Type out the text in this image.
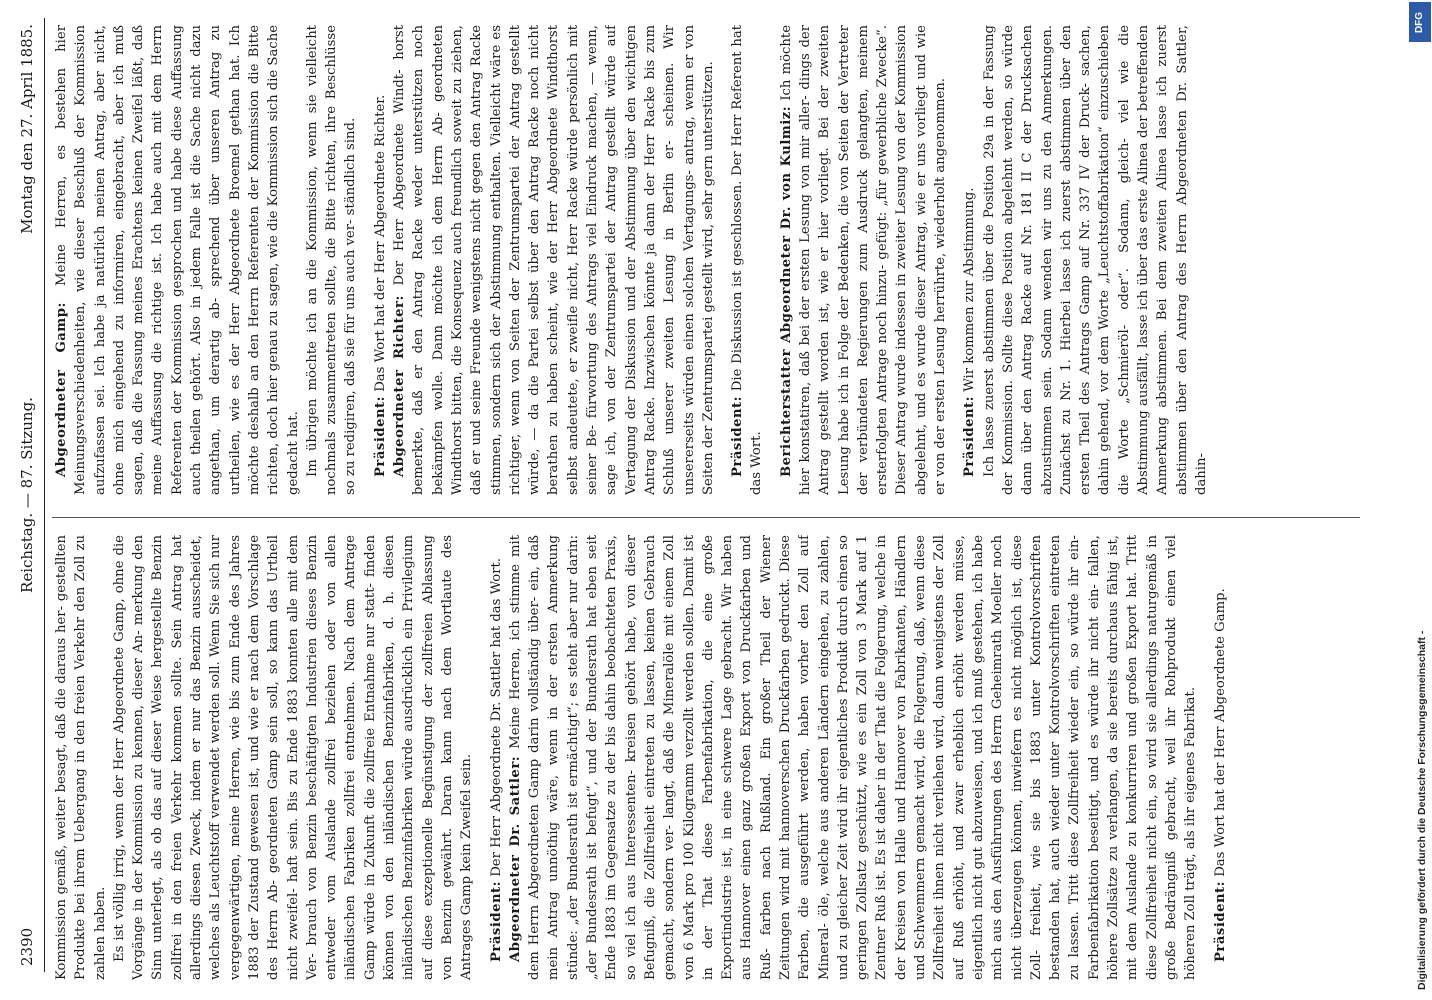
2390
Reichstag. — 87. Sitzung.
Montag den 27. April 1885.

Kommission gemäß, weiter besagt, daß die daraus her- gestellten Produkte bei ihrem Uebergang in den freien Verkehr den Zoll zu zahlen haben. Es ist völlig irrig, wenn der Herr Abgeordnete Gamp, ohne die Vorgänge in der Kommission zu kennen, dieser An- merkung den Sinn unterlegt, als ob das auf dieser Weise hergestellte Benzin zollfrei in den freien Verkehr kommen sollte. Sein Antrag hat allerdings diesen Zweck, indem er nur das Benzin ausscheidet, welches als Leuchtstoff verwendet werden soll. Wenn Sie sich nur vergegenwärtigen, meine Herren, wie bis zum Ende des Jahres 1883 der Zustand gewesen ist, und wie er nach dem Vorschlage des Herrn Ab- geordneten Gamp sein soll, so kann das Urtheil nicht zweifel- haft sein. Bis zu Ende 1883 konnten alle mit dem Ver- brauch von Benzin beschäftigten Industrien dieses Benzin entweder vom Auslande zollfrei beziehen oder von allen inländischen Fabriken zollfrei entnehmen. Nach dem Antrage Gamp würde in Zukunft die zollfreie Entnahme nur statt- finden können von den inländischen Benzinfabriken, d. h. diesen inländischen Benzinfabriken würde ausdrücklich ein Privilegium auf diese exzeptionelle Begünstigung der zollfreien Ablassung von Benzin gewährt. Daran kann nach dem Wortlaute des Antrages Gamp kein Zweifel sein. Präsident: Der Herr Abgeordnete Dr. Sattler hat das Wort. Abgeordneter Dr. Sattler: Meine Herren, ich stimme mit dem Herrn Abgeordneten Gamp darin vollständig über- ein, daß mein Antrag unnöthig wäre, wenn in der ersten Anmerkung stünde: „der Bundesrath ist ermächtigt“; es steht aber nur darin: „der Bundesrath ist befugt“, und der Bundesrath hat eben seit Ende 1883 im Gegensatze zu der bis dahin beobachteten Praxis, so viel ich aus Interessenten- kreisen gehört habe, von dieser Befugniß, die Zollfreiheit eintreten zu lassen, keinen Gebrauch gemacht, sondern ver- langt, daß die Mineralöle mit einem Zoll von 6 Mark pro 100 Kilogramm verzollt werden sollen. Damit ist in der That diese Farbenfabrikation, die eine große Exportindustrie ist, in eine schwere Lage gebracht. Wir haben aus Hannover einen ganz großen Export von Druckfarben und Ruß- farben nach Rußland. Ein großer Theil der Wiener Zeitungen wird mit hannoverschen Druckfarben gedruckt. Diese Farben, die ausgeführt werden, haben vorher den Zoll auf Mineral- öle, welche aus anderen Ländern eingehen, zu zahlen, und zu gleicher Zeit wird ihr eigentliches Produkt durch einen so geringen Zollsatz geschützt, wie es ein Zoll von 3 Mark auf 1 Zentner Ruß ist. Es ist daher in der That die Folgerung, welche in der Kreisen von Halle und Hannover von Fabrikanten, Händlern und Schwemmern gemacht wird, die Folgerung, daß, wenn diese Zollfreiheit ihnen nicht verliehen wird, dann wenigstens der Zoll auf Ruß erhöht, und zwar erheblich erhöht werden müsse, eigentlich nicht gut abzuweisen, und ich muß gestehen, ich habe mich aus den Ausführungen des Herrn Geheimrath Moeller noch nicht überzeugen können, inwiefern es nicht möglich ist, diese Zoll- freiheit, wie sie bis 1883 unter Kontrolvorschriften bestanden hat, auch wieder unter Kontrolvorschriften eintreten zu lassen. Tritt diese Zollfreiheit wieder ein, so würde ihr ein- Farbenfabrikation beseitigt, und es würde ihr nicht ein- fallen, höhere Zollsätze zu verlangen, da sie bereits durchaus fähig ist, mit dem Auslande zu konkurriren und großen Export hat. Tritt diese Zollfreiheit nicht ein, so wird sie allerdings naturgemäß in große Bedrängniß gebracht, weil ihr Rohprodukt einen viel höheren Zoll trägt, als ihr eigenes Fabrikat. Präsident: Das Wort hat der Herr Abgeordnete Gamp.

Abgeordneter Gamp: Meine Herren, es bestehen hier Meinungsverschiedenheiten, wie dieser Beschluß der Kommission aufzufassen sei. Ich habe ja natürlich meinen Antrag, aber nicht, ohne mich eingehend zu informiren, eingebracht, aber ich muß sagen, daß die Fassung meines Erachtens keinen Zweifel läßt, daß meine Auffassung die richtige ist. Ich habe auch mit dem Herrn Referenten der Kommission gesprochen und habe diese Auffassung auch theilen gehört. Also in jedem Falle ist die Sache nicht dazu angethan, um derartig ab- sprechend über unseren Antrag zu urtheilen, wie es der Herr Abgeordnete Broemel gethan hat. Ich möchte deshalb an den Herrn Referenten der Kommission die Bitte richten, doch hier genau zu sagen, wie die Kommission sich die Sache gedacht hat. Im übrigen möchte ich an die Kommission, wenn sie vielleicht nochmals zusammentreten sollte, die Bitte richten, ihre Beschlüsse so zu redigiren, daß sie für uns auch ver- ständlich sind. Präsident: Das Wort hat der Herr Abgeordnete Richter. Abgeordneter Richter: Der Herr Abgeordnete Windt- horst bemerkte, daß er den Antrag Racke weder unterstützen noch bekämpfen wolle. Dann möchte ich dem Herrn Ab- geordneten Windthorst bitten, die Konsequenz auch freundlich soweit zu ziehen, daß er und seine Freunde wenigstens nicht gegen den Antrag Racke stimmen, sondern sich der Abstimmung enthalten. Vielleicht wäre es richtiger, wenn von Seiten der Zentrumspartei der Antrag gestellt würde, — da die Partei selbst über den Antrag Racke noch nicht berathen zu haben scheint, wie der Herr Abgeordnete Windthorst selbst andeutete, er zweifle nicht, Herr Racke würde persönlich mit seiner Be- fürwortung des Antrags viel Eindruck machen, — wenn, sage ich, von der Zentrumspartei der Antrag gestellt würde auf Vertagung der Diskussion und der Abstimmung über den wichtigen Antrag Racke. Inzwischen könnte ja dann der Herr Racke bis zum Schluß unserer zweiten Lesung in Berlin er- scheinen. Wir unsererseits würden einen solchen Vertagungs- antrag, wenn er von Seiten der Zentrumspartei gestellt wird, sehr gern unterstützen. Präsident: Die Diskussion ist geschlossen. Der Herr Referent hat das Wort. Berichterstatter Abgeordneter Dr. von Kulmiz: Ich möchte hier konstatiren, daß bei der ersten Lesung von mir aller- dings der Antrag gestellt worden ist, wie er hier vorliegt. Bei der zweiten Lesung habe ich in Folge der Bedenken, die von Seiten der Vertreter der verbündeten Regierungen zum Ausdruck gelangten, meinem ersterfolgten Antrage noch hinzu- gefügt: „für gewerbliche Zwecke“. Dieser Antrag wurde indessen in zweiter Lesung von der Kommission abgelehnt, und es wurde dieser Antrag, wie er uns vorliegt und wie er von der ersten Lesung herrührte, wiederholt angenommen. Präsident: Wir kommen zur Abstimmung. Ich lasse zuerst abstimmen über die Position 29a in der Fassung der Kommission. Sollte diese Position abgelehnt werden, so würde dann über den Antrag Racke auf Nr. 181 II C der Drucksachen abzustimmen sein. Sodann wenden wir uns zu den Anmerkungen. Zunächst zu Nr. 1. Hierbei lasse ich zuerst abstimmen über den ersten Theil des Antrags Gamp auf Nr. 337 IV der Druck- sachen, dahin gehend, vor dem Worte „Leuchtstoffabrikation“ einzuschieben die Worte „Schmieröl- oder“. Sodann, gleich- viel wie die Abstimmung ausfällt, lasse ich über das erste Alinea der betreffenden Anmerkung abstimmen. Bei dem zweiten Alinea lasse ich zuerst abstimmen über den Antrag des Herrn Abgeordneten Dr. Sattler, dahin-

Digitalisierung gefördert durch die Deutsche Forschungsgemeinschaft -
DFG
